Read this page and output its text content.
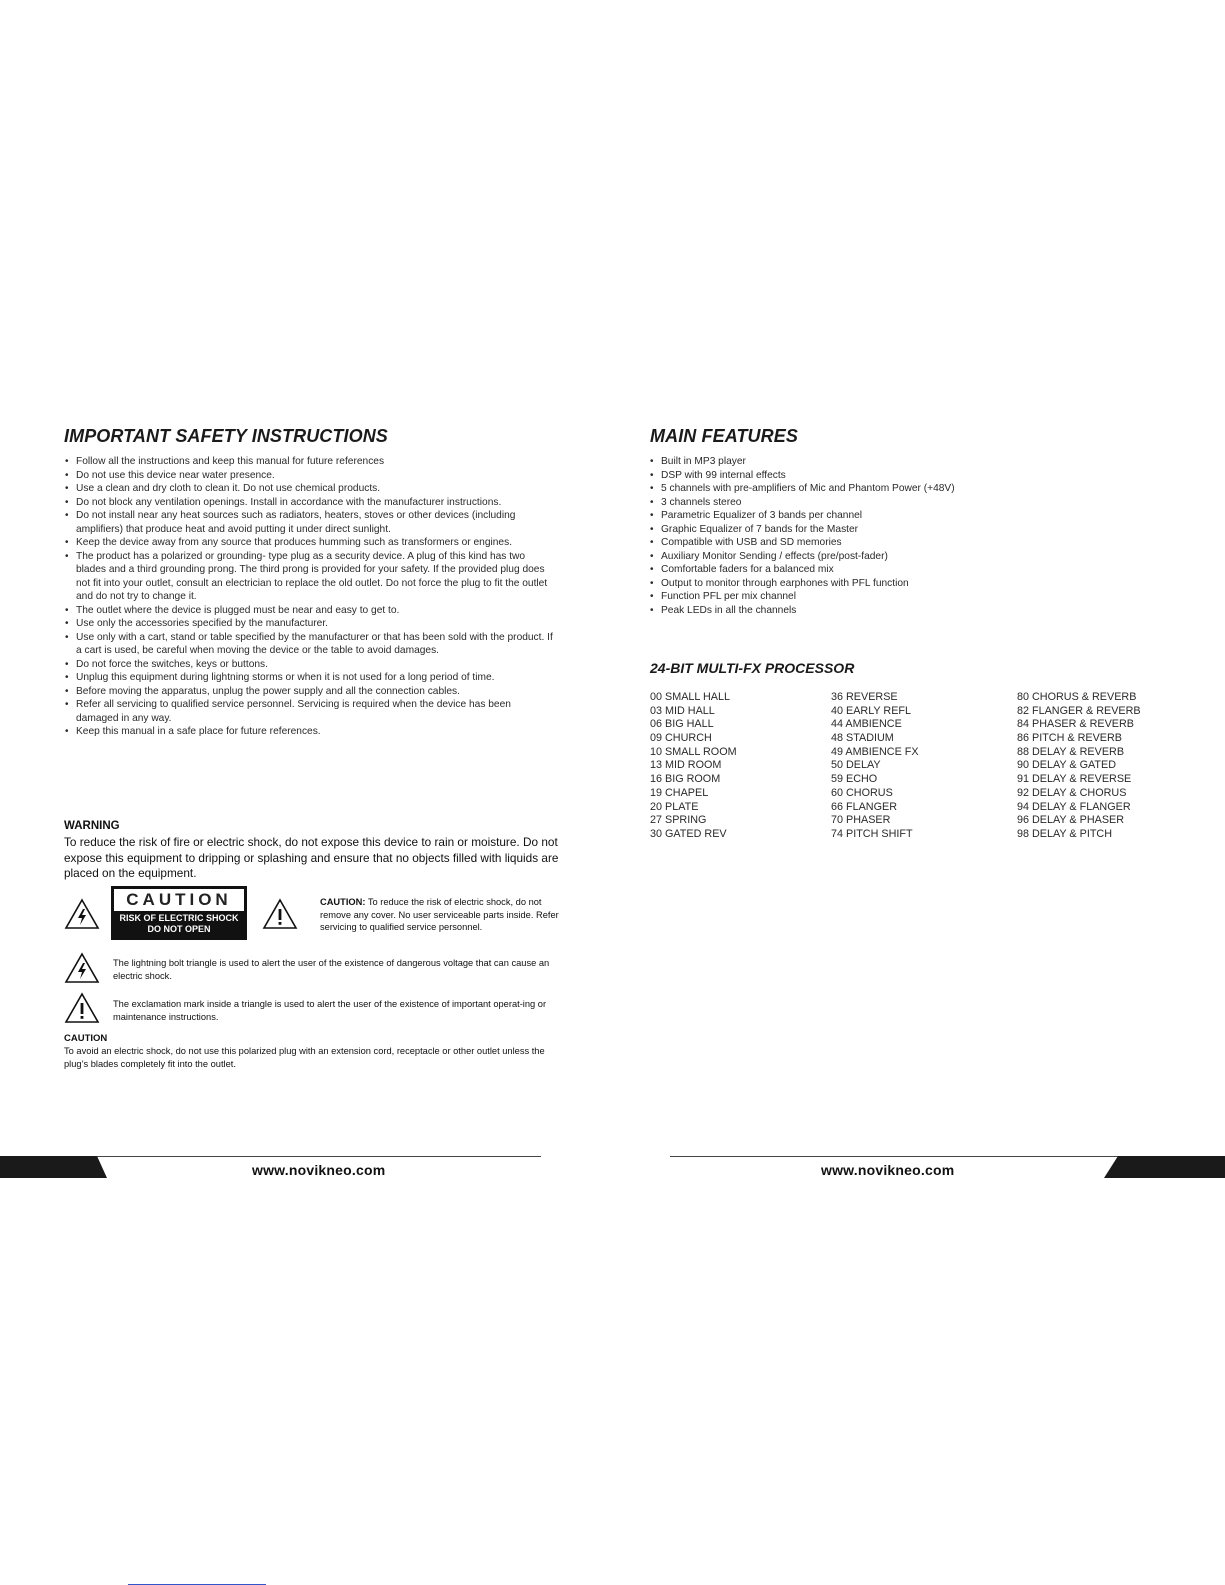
IMPORTANT SAFETY INSTRUCTIONS
• Follow all the instructions and keep this manual for future references
• Do not use this device near water presence.
• Use a clean and dry cloth to clean it. Do not use chemical products.
• Do not block any ventilation openings. Install in accordance with the manufacturer instructions.
• Do not install near any heat sources such as radiators, heaters, stoves or other devices (including amplifiers) that produce heat and avoid putting it under direct sunlight.
• Keep the device away from any source that produces humming such as transformers or engines.
• The product has a polarized or grounding- type plug as a security device. A plug of this kind has two blades and a third grounding prong. The third prong is provided for your safety. If the provided plug does not fit into your outlet, consult an electrician to replace the old outlet. Do not force the plug to fit the outlet and do not try to change it.
• The outlet where the device is plugged must be near and easy to get to.
• Use only the accessories specified by the manufacturer.
• Use only with a cart, stand or table specified by the manufacturer or that has been sold with the product. If a cart is used, be careful when moving the device or the table to avoid damages.
• Do not force the switches, keys or buttons.
• Unplug this equipment during lightning storms or when it is not used for a long period of time.
• Before moving the apparatus, unplug the power supply and all the connection cables.
• Refer all servicing to qualified service personnel. Servicing is required when the device has been damaged in any way.
• Keep this manual in a safe place for future references.
WARNING
To reduce the risk of fire or electric shock, do not expose this device to rain or moisture. Do not expose this equipment to dripping or splashing and ensure that no objects filled with liquids are placed on the equipment.
CAUTION
RISK OF ELECTRIC SHOCK
DO NOT OPEN
CAUTION: To reduce the risk of electric shock, do not remove any cover. No user serviceable parts inside. Refer servicing to qualified service personnel.
The lightning bolt triangle is used to alert the user of the existence of dangerous voltage that can cause an electric shock.
The exclamation mark inside a triangle is used to alert the user of the existence of important operat-ing or maintenance instructions.
CAUTION
To avoid an electric shock, do not use this polarized plug with an extension cord, receptacle or other outlet unless the plug’s blades completely fit into the outlet.
www.novikneo.com
MAIN FEATURES
• Built in MP3 player
• DSP with 99 internal effects
• 5 channels with pre-amplifiers of Mic and Phantom Power (+48V)
• 3 channels stereo
• Parametric Equalizer of 3 bands per channel
• Graphic Equalizer of 7 bands for the Master
• Compatible with USB and SD memories
• Auxiliary Monitor Sending / effects (pre/post-fader)
• Comfortable faders for a balanced mix
• Output to monitor through earphones with PFL function
• Function PFL per mix channel
• Peak LEDs in all the channels
24-BIT MULTI-FX PROCESSOR
00 SMALL HALL
03 MID HALL
06 BIG HALL
09 CHURCH
10 SMALL ROOM
13 MID ROOM
16 BIG ROOM
19 CHAPEL
20 PLATE
27 SPRING
30 GATED REV
36 REVERSE
40 EARLY REFL
44 AMBIENCE
48 STADIUM
49 AMBIENCE FX
50 DELAY
59 ECHO
60 CHORUS
66 FLANGER
70 PHASER
74 PITCH SHIFT
80 CHORUS & REVERB
82 FLANGER & REVERB
84 PHASER & REVERB
86 PITCH & REVERB
88 DELAY & REVERB
90 DELAY & GATED
91 DELAY & REVERSE
92 DELAY & CHORUS
94 DELAY & FLANGER
96 DELAY & PHASER
98 DELAY & PITCH
www.novikneo.com
